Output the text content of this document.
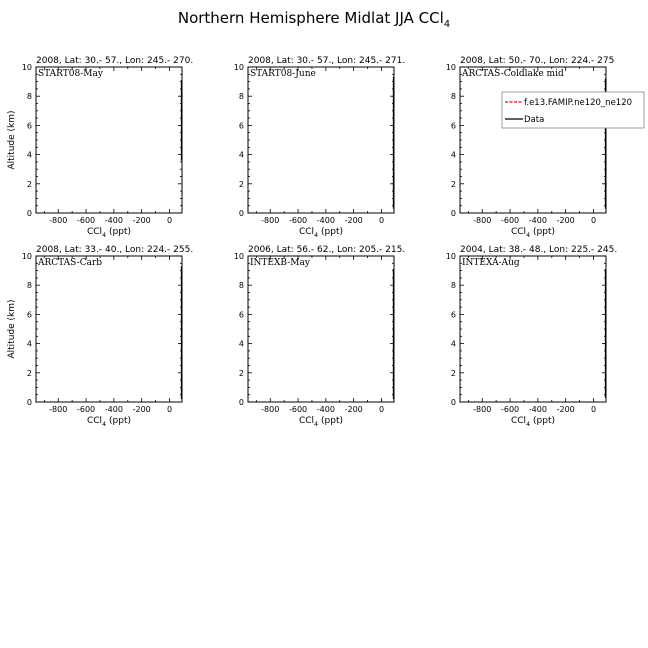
Northern Hemisphere Midlat JJA CCl$_4$
2008, Lat: 30.- 57., Lon: 245.- 270.
START08-May
-800 -600 -400 -200 0
0
2
4
6
8
10
CCl$_4$ (ppt)
Altitude (km)
2008, Lat: 30.- 57., Lon: 245.- 271.
START08-June
-800 -600 -400 -200 0
0
2
4
6
8
10
CCl$_4$ (ppt)
2008, Lat: 50.- 70., Lon: 224.- 275
ARCTAS-Coldlake mid
-800 -600 -400 -200 0
0
2
4
6
8
10
CCl$_4$ (ppt)
f.e13.FAMIP.ne120_ne120
Data
2008, Lat: 33.- 40., Lon: 224.- 255.
ARCTAS-Carb
-800 -600 -400 -200 0
0
2
4
6
8
10
CCl$_4$ (ppt)
Altitude (km)
2006, Lat: 56.- 62., Lon: 205.- 215.
INTEXB-May
-800 -600 -400 -200 0
0
2
4
6
8
10
CCl$_4$ (ppt)
2004, Lat: 38.- 48., Lon: 225.- 245.
INTEXA-Aug
-800 -600 -400 -200 0
0
2
4
6
8
10
CCl$_4$ (ppt)
